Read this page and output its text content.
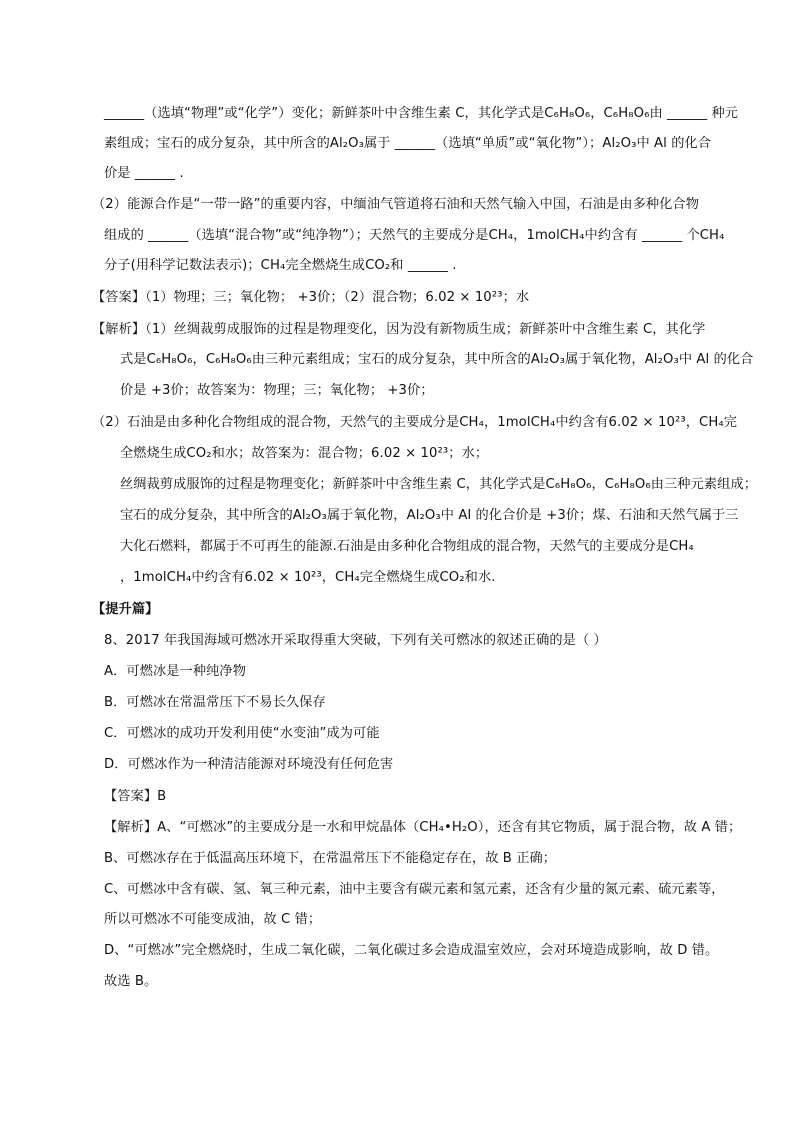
______（选填“物理”或“化学”）变化；新鲜茶叶中含维生素 C，其化学式是C₆H₈O₆，C₆H₈O₆由 ______ 种元
素组成；宝石的成分复杂，其中所含的Al₂O₃属于 ______（选填“单质”或“氧化物”）；Al₂O₃中 Al 的化合
价是 ______ .
（2）能源合作是“一带一路”的重要内容，中缅油气管道将石油和天然气输入中国，石油是由多种化合物
组成的 ______（选填“混合物”或“纯净物”）；天然气的主要成分是CH₄，1molCH₄中约含有 ______ 个CH₄
分子(用科学记数法表示)；CH₄完全燃烧生成CO₂和 ______ .
【答案】（1）物理；三；氧化物； +3价；（2）混合物；6.02 × 10²³；水
【解析】（1）丝绸裁剪成服饰的过程是物理变化，因为没有新物质生成；新鲜茶叶中含维生素 C，其化学
式是C₆H₈O₆，C₆H₈O₆由三种元素组成；宝石的成分复杂，其中所含的Al₂O₃属于氧化物，Al₂O₃中 Al 的化合
价是 +3价；故答案为：物理；三；氧化物； +3价；
（2）石油是由多种化合物组成的混合物，天然气的主要成分是CH₄，1molCH₄中约含有6.02 × 10²³，CH₄完
全燃烧生成CO₂和水；故答案为：混合物；6.02 × 10²³；水；
丝绸裁剪成服饰的过程是物理变化；新鲜茶叶中含维生素 C，其化学式是C₆H₈O₆，C₆H₈O₆由三种元素组成；
宝石的成分复杂，其中所含的Al₂O₃属于氧化物，Al₂O₃中 Al 的化合价是 +3价；煤、石油和天然气属于三
大化石燃料，都属于不可再生的能源.石油是由多种化合物组成的混合物，天然气的主要成分是CH₄
，1molCH₄中约含有6.02 × 10²³，CH₄完全燃烧生成CO₂和水.
【提升篇】
8、2017 年我国海域可燃冰开采取得重大突破，下列有关可燃冰的叙述正确的是（ ）
A．可燃冰是一种纯净物
B．可燃冰在常温常压下不易长久保存
C．可燃冰的成功开发利用使“水变油”成为可能
D．可燃冰作为一种清洁能源对环境没有任何危害
【答案】B
【解析】A、“可燃冰”的主要成分是一水和甲烷晶体（CH₄•H₂O），还含有其它物质，属于混合物，故 A 错；
B、可燃冰存在于低温高压环境下，在常温常压下不能稳定存在，故 B 正确；
C、可燃冰中含有碳、氢、氧三种元素，油中主要含有碳元素和氢元素，还含有少量的氮元素、硫元素等，
所以可燃冰不可能变成油，故 C 错；
D、“可燃冰”完全燃烧时，生成二氧化碳，二氧化碳过多会造成温室效应，会对环境造成影响，故 D 错。
故选 B。
